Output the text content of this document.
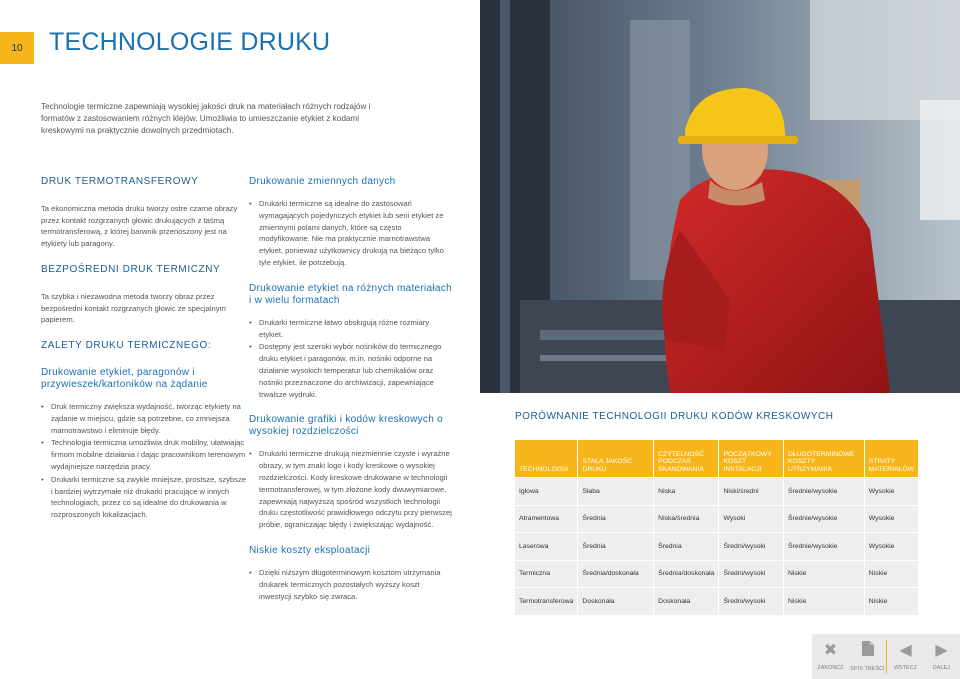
10	TECHNOLOGIE DRUKU
Technologie termiczne zapewniają wysokiej jakości druk na materiałach różnych rodzajów i formatów z zastosowaniem różnych klejów. Umożliwia to umieszczanie etykiet z kodami kreskowymi na praktycznie dowolnych przedmiotach.
DRUK TERMOTRANSFEROWY
Ta ekonomiczna metoda druku tworzy ostre czarne obrazy przez kontakt rozgrzanych głowic drukujących z taśmą termotransferową, z której barwnik przenoszony jest na etykiety lub paragony.
BEZPOŚREDNI DRUK TERMICZNY
Ta szybka i niezawodna metoda tworzy obraz przez bezpośredni kontakt rozgrzanych głowic ze specjalnym papierem.
ZALETY DRUKU TERMICZNEGO:
Drukowanie etykiet, paragonów i przywieszek/kartoników na żądanie
• Druk termiczny zwiększa wydajność, tworząc etykiety na żądanie w miejscu, gdzie są potrzebne, co zmniejsza marnotrawstwo i eliminuje błędy.
• Technologia termiczna umożliwia druk mobilny, ułatwiając firmom mobilne działania i dając pracownikom terenowym wydajniejsze narzędzia pracy.
• Drukarki termiczne są zwykle mniejsze, prostsze, szybsze i bardziej wytrzymałe niż drukarki pracujące w innych technologiach, przez co są idealne do drukowania w rozproszonych lokalizacjach.
Drukowanie zmiennych danych
• Drukarki termiczne są idealne do zastosowań wymagających pojedynczych etykiet lub serii etykiet ze zmiennymi polami danych, które są często modyfikowane. Nie ma praktycznie marnotrawstwa etykiet, ponieważ użytkownicy drukują na bieżąco tylko tyle etykiet, ile potrzebują.
Drukowanie etykiet na różnych materiałach i w wielu formatach
• Drukarki termiczne łatwo obsługują różne rozmiary etykiet.
• Dostępny jest szeroki wybór nośników do termicznego druku etykiet i paragonów, m.in. nośniki odporne na działanie wysokich temperatur lub chemikaliów oraz nośniki przeznaczone do archiwizacji, zapewniające trwalsze wydruki.
Drukowanie grafiki i kodów kreskowych o wysokiej rozdzielczości
• Drukarki termiczne drukują niezmiennie czyste i wyraźne obrazy, w tym znaki logo i kody kreskowe o wysokiej rozdzielczości. Kody kreskowe drukowane w technologii termotransferowej, w tym złożone kody dwuwymiarowe, zapewniają najwyższą spośród wszystkich technologii druku częstotliwość prawidłowego odczytu przy pierwszej próbie, ograniczając błędy i zwiększając wydajność.
Niskie koszty eksploatacji
• Dzięki niższym długoterminowym kosztom utrzymania drukarek termicznych pozostałych wyższy koszt inwestycji szybko się zwraca.
PORÓWNANIE TECHNOLOGII DRUKU KODÓW KRESKOWYCH
TECHNOLOGIA	STAŁA JAKOŚĆ DRUKU	CZYTELNOŚĆ PODCZAS SKANOWANIA	POCZĄTKOWY KOSZT INSTALACJI	DŁUGOTERMINOWE KOSZTY UTRZYMANIA	STRATY MATERIAŁÓW
Igłowa	Słaba	Niska	Niski/średni	Średnie/wysokie	Wysokie
Atramentowa	Średnia	Niska/średnia	Wysoki	Średnie/wysokie	Wysokie
Laserowa	Średnia	Średnia	Średni/wysoki	Średnie/wysokie	Wysokie
Termiczna	Średnia/doskonała	Średnia/doskonała	Średni/wysoki	Niskie	Niskie
Termotransferowa	Doskonała	Doskonała	Średni/wysoki	Niskie	Niskie
✖
ZAKOŃCZ SPIS TREŚCI
◀
WSTECZ
▶
DALEJ
